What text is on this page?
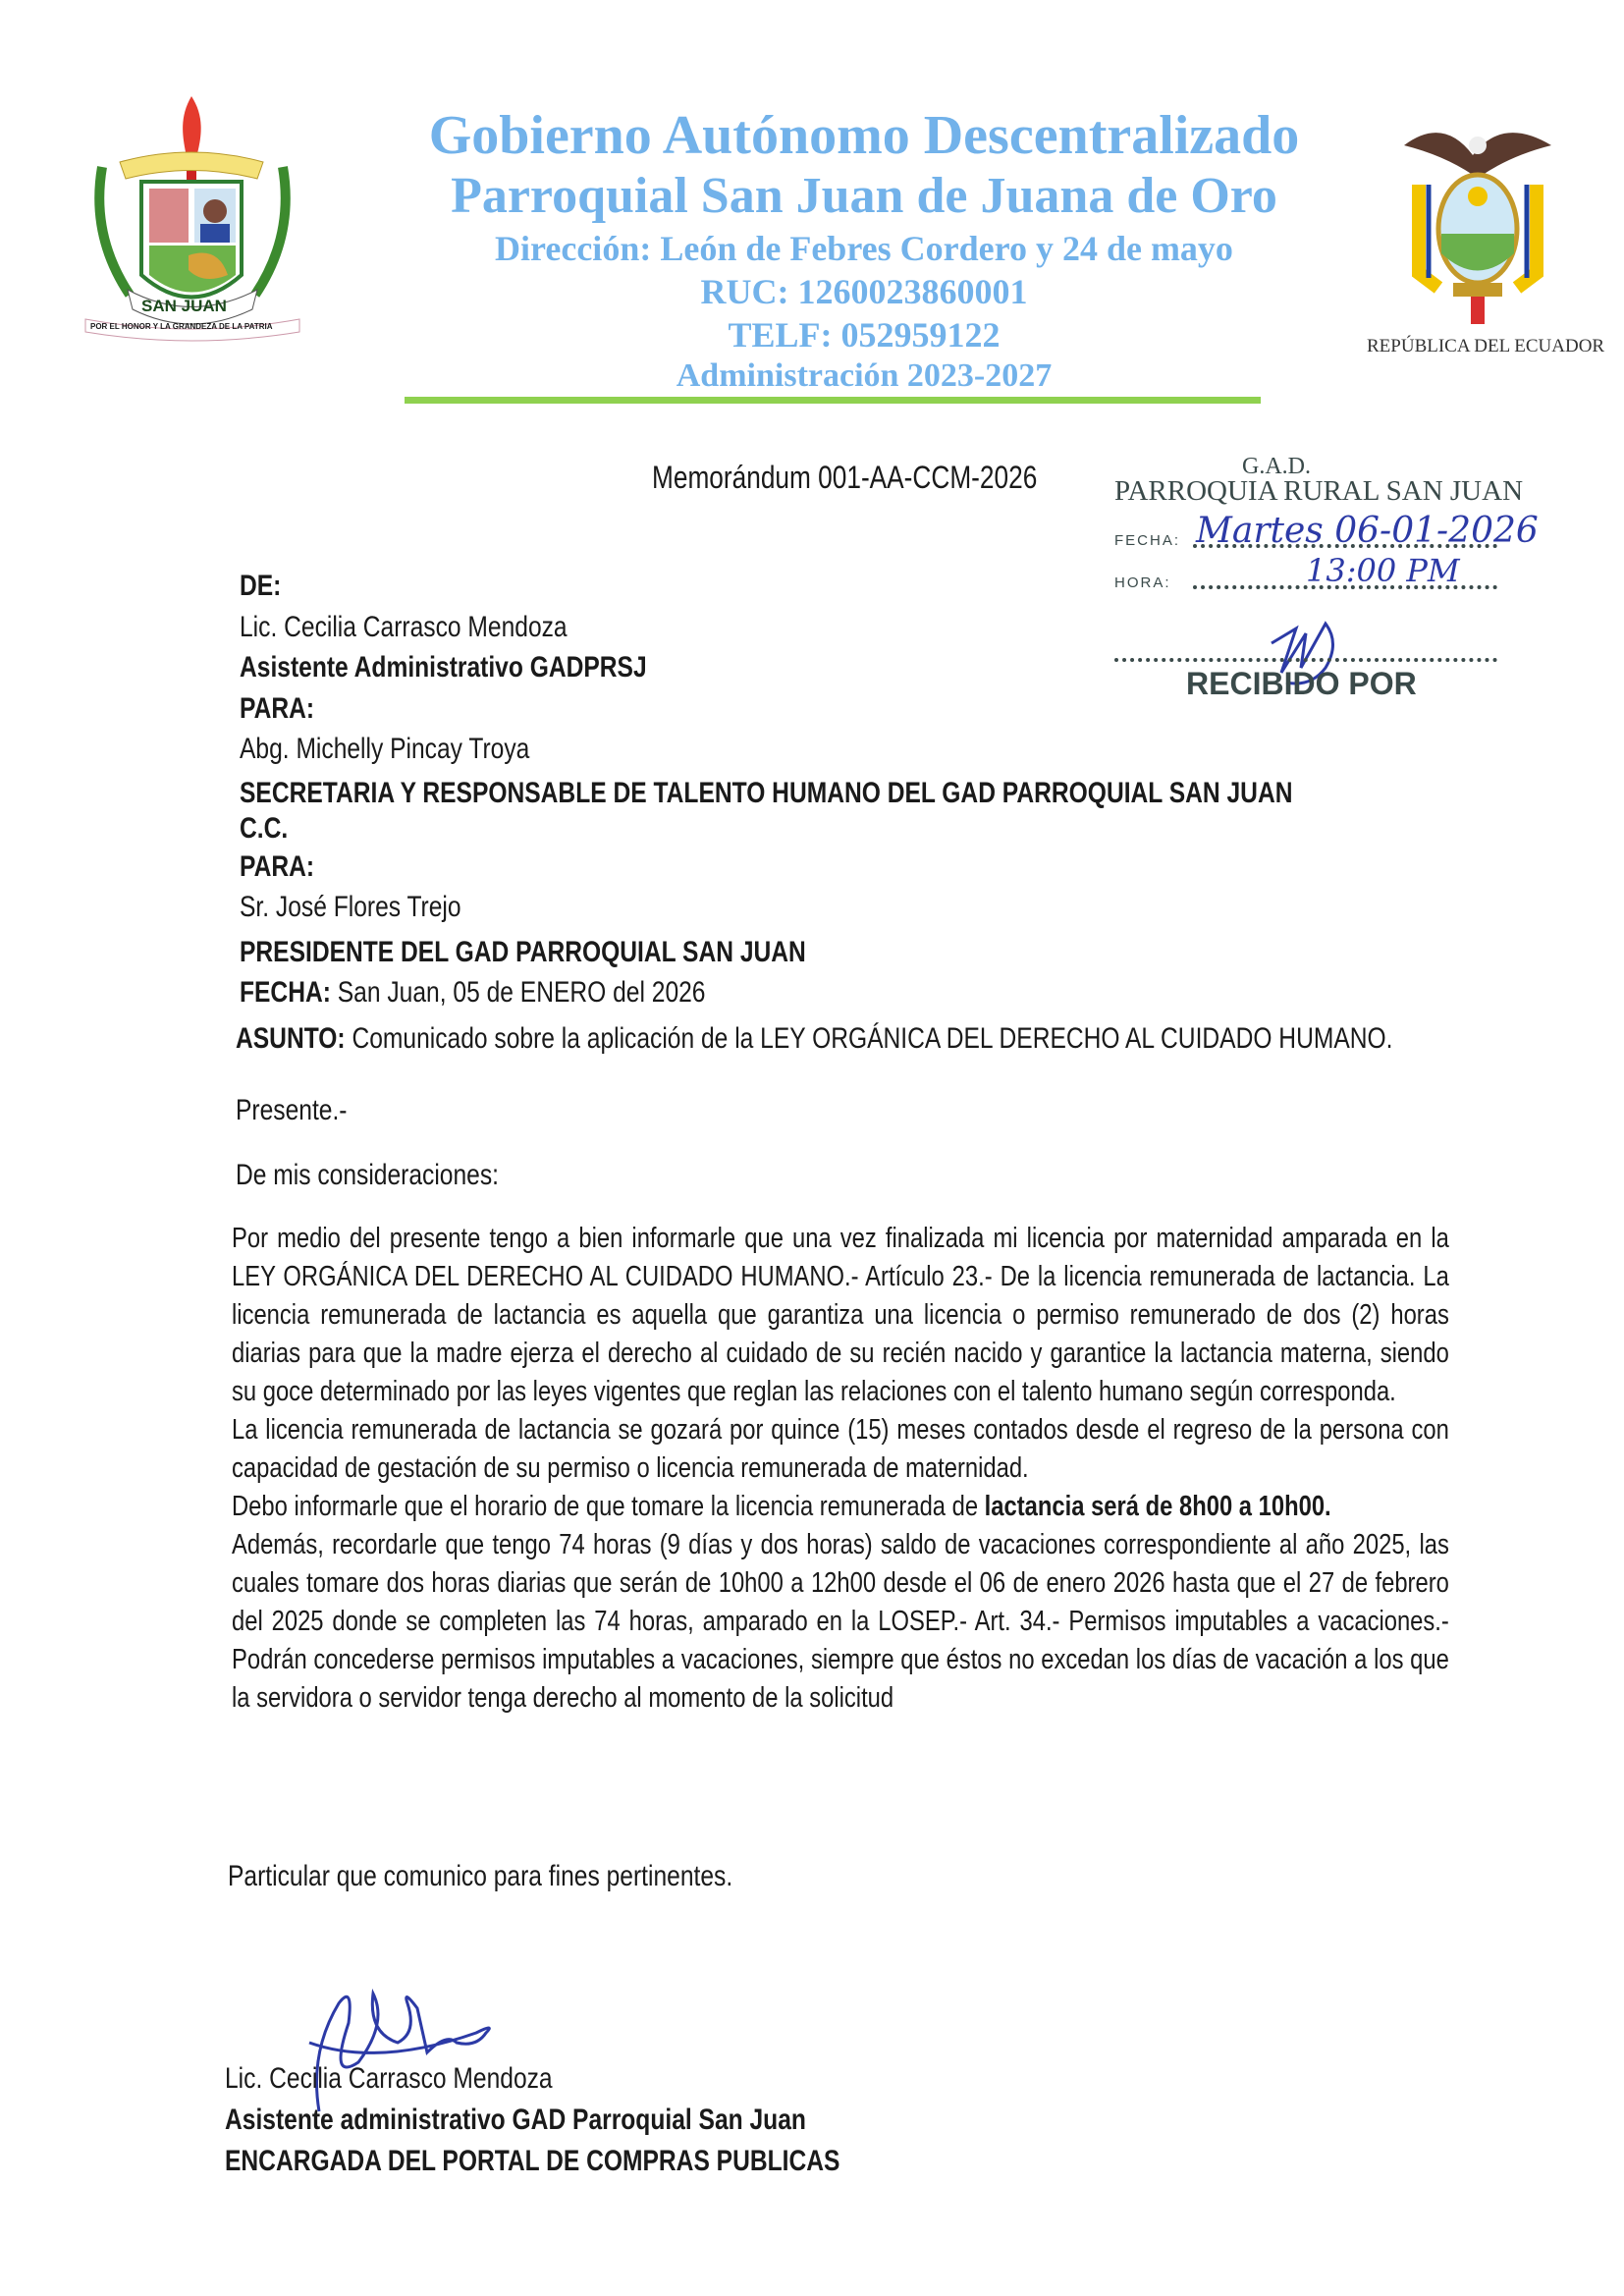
SAN JUAN
POR EL HONOR Y LA GRANDEZA DE LA PATRIA
Gobierno Autónomo Descentralizado
Parroquial San Juan de Juana de Oro
Dirección: León de Febres Cordero y 24 de mayo
RUC: 1260023860001
TELF: 052959122
Administración 2023-2027
REPÚBLICA DEL ECUADOR
Memorándum 001-AA-CCM-2026	G.A.D.
PARROQUIA RURAL SAN JUAN
FECHA: Martes 06-01-2026
HORA:	13:00 PM
RECIBIDO POR
DE:
Lic. Cecilia Carrasco Mendoza
Asistente Administrativo GADPRSJ
PARA:
Abg. Michelly Pincay Troya
SECRETARIA Y RESPONSABLE DE TALENTO HUMANO DEL GAD PARROQUIAL SAN JUAN
C.C.
PARA:
Sr. José Flores Trejo
PRESIDENTE DEL GAD PARROQUIAL SAN JUAN
FECHA: San Juan, 05 de ENERO del 2026
ASUNTO: Comunicado sobre la aplicación de la LEY ORGÁNICA DEL DERECHO AL CUIDADO HUMANO.
Presente.-
De mis consideraciones:
Por medio del presente tengo a bien informarle que una vez finalizada mi licencia por maternidad amparada en la LEY ORGÁNICA DEL DERECHO AL CUIDADO HUMANO.- Artículo 23.- De la licencia remunerada de lactancia. La licencia remunerada de lactancia es aquella que garantiza una licencia o permiso remunerado de dos (2) horas diarias para que la madre ejerza el derecho al cuidado de su recién nacido y garantice la lactancia materna, siendo su goce determinado por las leyes vigentes que reglan las relaciones con el talento humano según corresponda.
La licencia remunerada de lactancia se gozará por quince (15) meses contados desde el regreso de la persona con capacidad de gestación de su permiso o licencia remunerada de maternidad.
Debo informarle que el horario de que tomare la licencia remunerada de lactancia será de 8h00 a 10h00.
Además, recordarle que tengo 74 horas (9 días y dos horas) saldo de vacaciones correspondiente al año 2025, las cuales tomare dos horas diarias que serán de 10h00 a 12h00 desde el 06 de enero 2026 hasta que el 27 de febrero del 2025 donde se completen las 74 horas, amparado en la LOSEP.- Art. 34.- Permisos imputables a vacaciones.- Podrán concederse permisos imputables a vacaciones, siempre que éstos no excedan los días de vacación a los que la servidora o servidor tenga derecho al momento de la solicitud
Particular que comunico para fines pertinentes.
Lic. Cecilia Carrasco Mendoza
Asistente administrativo GAD Parroquial San Juan
ENCARGADA DEL PORTAL DE COMPRAS PUBLICAS
